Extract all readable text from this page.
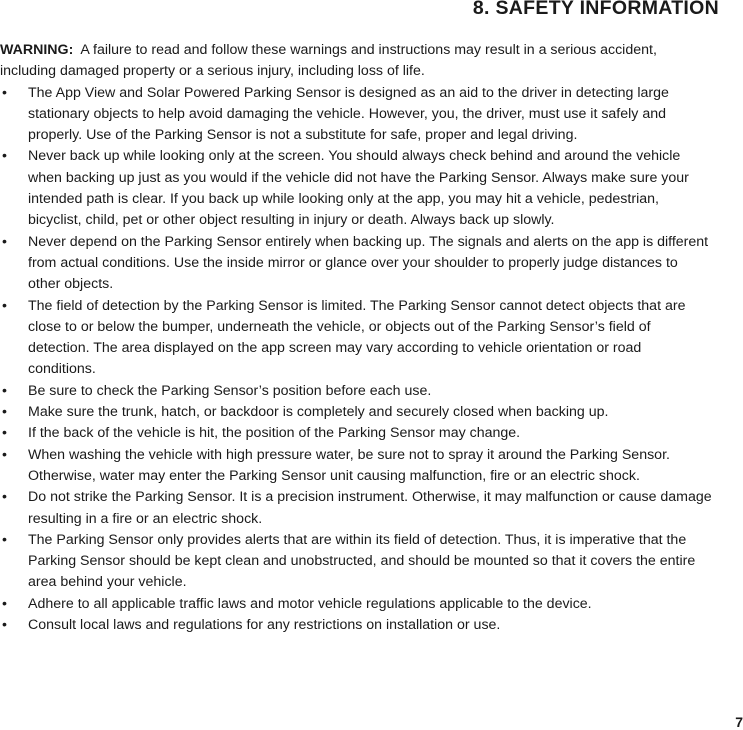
8. SAFETY INFORMATION

WARNING: A failure to read and follow these warnings and instructions may result in a serious accident, including damaged property or a serious injury, including loss of life.

• The App View and Solar Powered Parking Sensor is designed as an aid to the driver in detecting large stationary objects to help avoid damaging the vehicle. However, you, the driver, must use it safely and properly. Use of the Parking Sensor is not a substitute for safe, proper and legal driving.
• Never back up while looking only at the screen. You should always check behind and around the vehicle when backing up just as you would if the vehicle did not have the Parking Sensor. Always make sure your intended path is clear. If you back up while looking only at the app, you may hit a vehicle, pedestrian, bicyclist, child, pet or other object resulting in injury or death. Always back up slowly.
• Never depend on the Parking Sensor entirely when backing up. The signals and alerts on the app is different from actual conditions. Use the inside mirror or glance over your shoulder to properly judge distances to other objects.
• The field of detection by the Parking Sensor is limited. The Parking Sensor cannot detect objects that are close to or below the bumper, underneath the vehicle, or objects out of the Parking Sensor’s field of detection. The area displayed on the app screen may vary according to vehicle orientation or road conditions.
• Be sure to check the Parking Sensor’s position before each use.
• Make sure the trunk, hatch, or backdoor is completely and securely closed when backing up.
• If the back of the vehicle is hit, the position of the Parking Sensor may change.
• When washing the vehicle with high pressure water, be sure not to spray it around the Parking Sensor. Otherwise, water may enter the Parking Sensor unit causing malfunction, fire or an electric shock.
• Do not strike the Parking Sensor. It is a precision instrument. Otherwise, it may malfunction or cause damage resulting in a fire or an electric shock.
• The Parking Sensor only provides alerts that are within its field of detection. Thus, it is imperative that the Parking Sensor should be kept clean and unobstructed, and should be mounted so that it covers the entire area behind your vehicle.
• Adhere to all applicable traffic laws and motor vehicle regulations applicable to the device.
• Consult local laws and regulations for any restrictions on installation or use.
7
